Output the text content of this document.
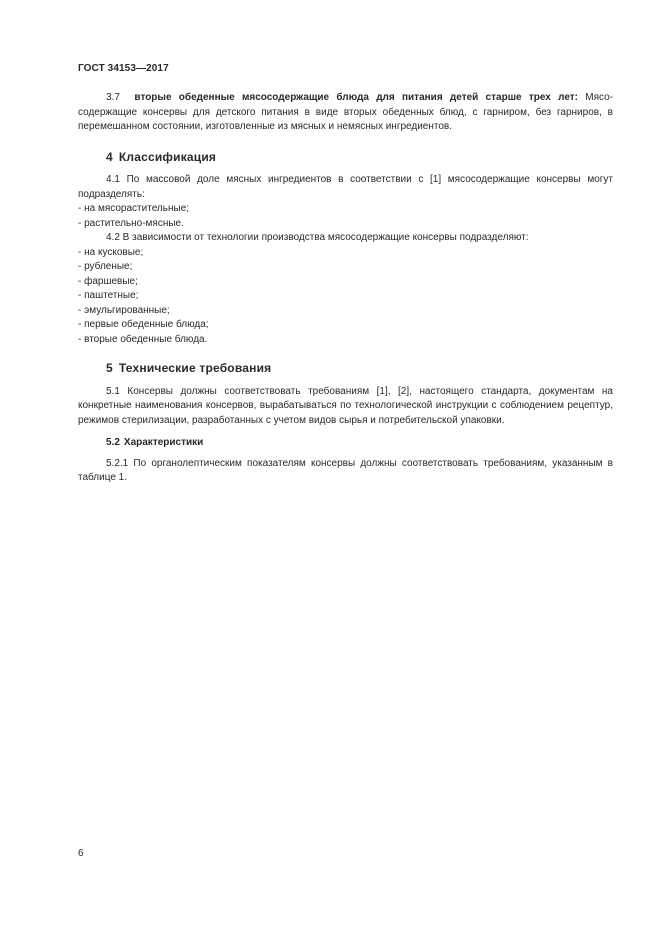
ГОСТ 34153—2017

3.7 вторые обеденные мясосодержащие блюда для питания детей старше трех лет: Мясо-содержащие консервы для детского питания в виде вторых обеденных блюд, с гарниром, без гарниров, в перемешанном состоянии, изготовленные из мясных и немясных ингредиентов.

4 Классификация

4.1 По массовой доле мясных ингредиентов в соответствии с [1] мясосодержащие консервы могут подразделять:

- на мясорастительные;

- растительно-мясные.

4.2 В зависимости от технологии производства мясосодержащие консервы подразделяют:

- на кусковые;

- рубленые;

- фаршевые;

- паштетные;

- эмульгированные;

- первые обеденные блюда;

- вторые обеденные блюда.

5 Технические требования

5.1 Консервы должны соответствовать требованиям [1], [2], настоящего стандарта, документам на конкретные наименования консервов, вырабатываться по технологической инструкции с соблюдением рецептур, режимов стерилизации, разработанных с учетом видов сырья и потребительской упаковки.

5.2 Характеристики

5.2.1 По органолептическим показателям консервы должны соответствовать требованиям, указанным в таблице 1.

6
